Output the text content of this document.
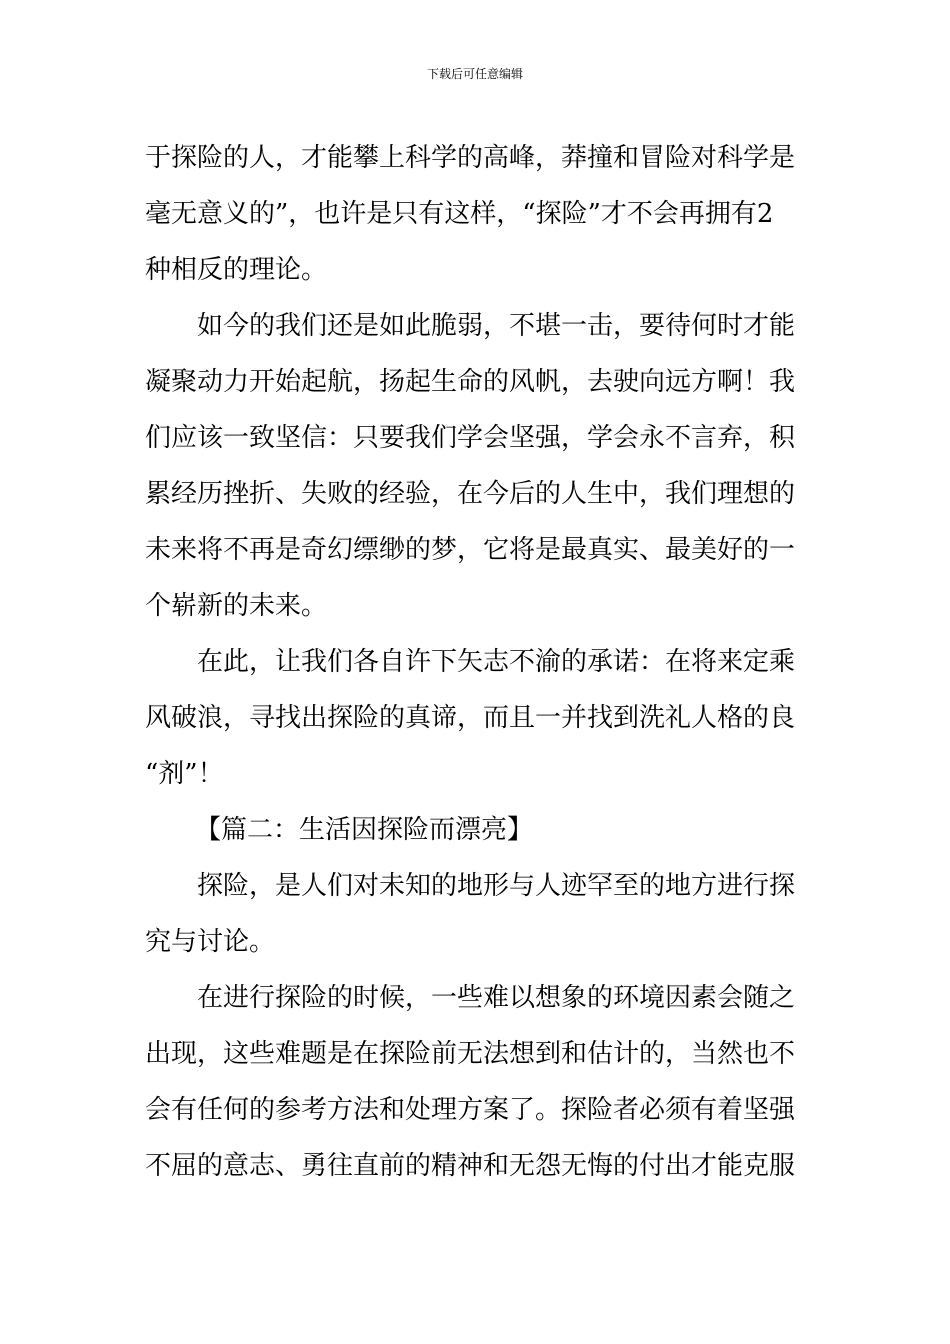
下载后可任意编辑
于探险的人，才能攀上科学的高峰，莽撞和冒险对科学是
毫无意义的”，也许是只有这样，“探险”才不会再拥有2
种相反的理论。
如今的我们还是如此脆弱，不堪一击，要待何时才能
凝聚动力开始起航，扬起生命的风帆，去驶向远方啊！我
们应该一致坚信：只要我们学会坚强，学会永不言弃，积
累经历挫折、失败的经验，在今后的人生中，我们理想的
未来将不再是奇幻缥缈的梦，它将是最真实、最美好的一
个崭新的未来。
在此，让我们各自许下矢志不渝的承诺：在将来定乘
风破浪，寻找出探险的真谛，而且一并找到洗礼人格的良
“剂”！
【篇二：生活因探险而漂亮】
探险，是人们对未知的地形与人迹罕至的地方进行探
究与讨论。
在进行探险的时候，一些难以想象的环境因素会随之
出现，这些难题是在探险前无法想到和估计的，当然也不
会有任何的参考方法和处理方案了。探险者必须有着坚强
不屈的意志、勇往直前的精神和无怨无悔的付出才能克服
